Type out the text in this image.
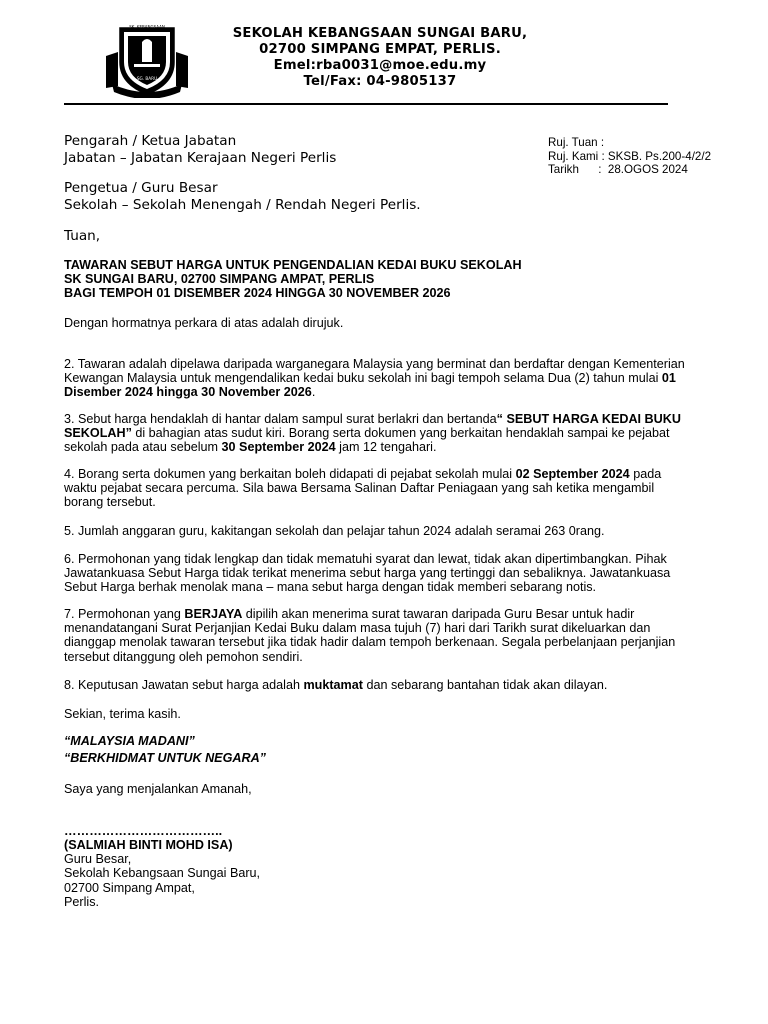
SK. KEBANGSAAN
SG. BARU
SEKOLAH KEBANGSAAN SUNGAI BARU,
02700 SIMPANG EMPAT, PERLIS.
Emel:rba0031@moe.edu.my
Tel/Fax: 04-9805137
Pengarah / Ketua Jabatan
Jabatan – Jabatan Kerajaan Negeri Perlis
Pengetua / Guru Besar
Sekolah – Sekolah Menengah / Rendah Negeri Perlis.
Ruj. Tuan :
Ruj. Kami : SKSB. Ps.200-4/2/2
Tarikh      :  28.OGOS 2024
Tuan,
TAWARAN SEBUT HARGA UNTUK PENGENDALIAN KEDAI BUKU SEKOLAH
SK SUNGAI BARU, 02700 SIMPANG AMPAT, PERLIS
BAGI TEMPOH 01 DISEMBER 2024 HINGGA 30 NOVEMBER 2026
Dengan hormatnya perkara di atas adalah dirujuk.
2. Tawaran adalah dipelawa daripada warganegara Malaysia yang berminat dan berdaftar dengan Kementerian Kewangan Malaysia untuk mengendalikan kedai buku sekolah ini bagi tempoh selama Dua (2) tahun mulai 01 Disember 2024 hingga 30 November 2026.
3. Sebut harga hendaklah di hantar dalam sampul surat berlakri dan bertanda“ SEBUT HARGA KEDAI BUKU SEKOLAH” di bahagian atas sudut kiri. Borang serta dokumen yang berkaitan hendaklah sampai ke pejabat sekolah pada atau sebelum 30 September 2024 jam 12 tengahari.
4. Borang serta dokumen yang berkaitan boleh didapati di pejabat sekolah mulai 02 September 2024 pada waktu pejabat secara percuma. Sila bawa Bersama Salinan Daftar Peniagaan yang sah ketika mengambil borang tersebut.
5. Jumlah anggaran guru, kakitangan sekolah dan pelajar tahun 2024 adalah seramai 263 0rang.
6. Permohonan yang tidak lengkap dan tidak mematuhi syarat dan lewat, tidak akan dipertimbangkan. Pihak Jawatankuasa Sebut Harga tidak terikat menerima sebut harga yang tertinggi dan sebaliknya. Jawatankuasa Sebut Harga berhak menolak mana – mana sebut harga dengan tidak memberi sebarang notis.
7. Permohonan yang BERJAYA dipilih akan menerima surat tawaran daripada Guru Besar untuk hadir menandatangani Surat Perjanjian Kedai Buku dalam masa tujuh (7) hari dari Tarikh surat dikeluarkan dan dianggap menolak tawaran tersebut jika tidak hadir dalam tempoh berkenaan. Segala perbelanjaan perjanjian tersebut ditanggung oleh pemohon sendiri.
8. Keputusan Jawatan sebut harga adalah muktamat dan sebarang bantahan tidak akan dilayan.
Sekian, terima kasih.
“MALAYSIA MADANI”
“BERKHIDMAT UNTUK NEGARA”
Saya yang menjalankan Amanah,
………………………………..
(SALMIAH BINTI MOHD ISA)
Guru Besar,
Sekolah Kebangsaan Sungai Baru,
02700 Simpang Ampat,
Perlis.
